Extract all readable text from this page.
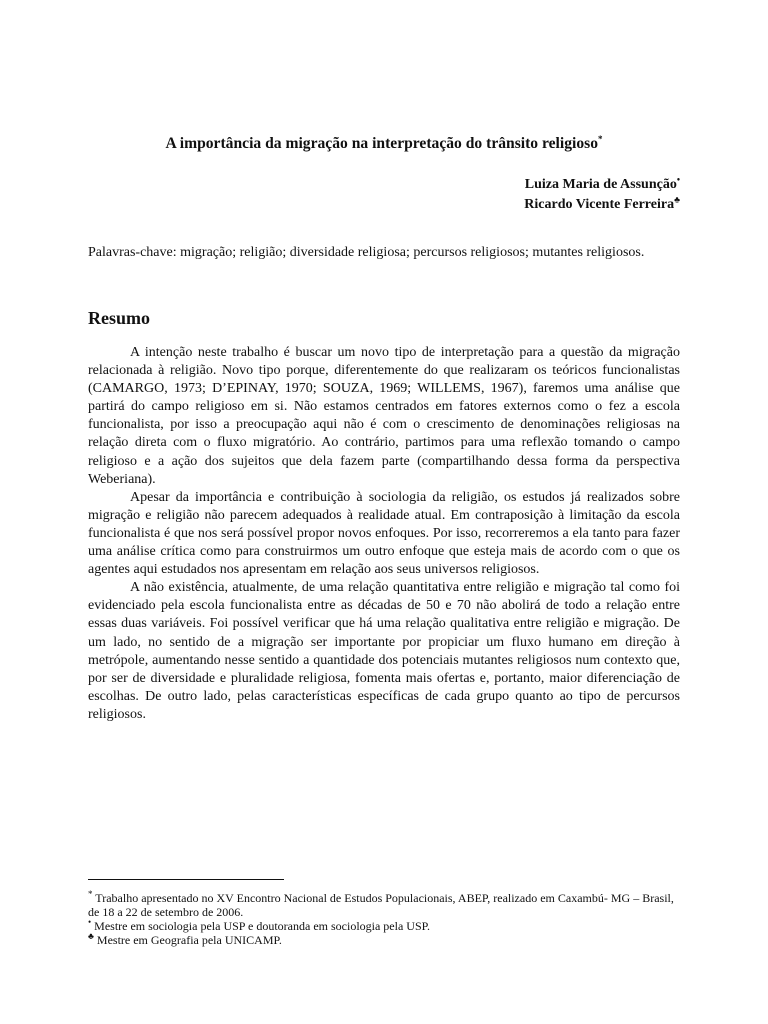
A importância da migração na interpretação do trânsito religioso*
Luiza Maria de Assunção•
Ricardo Vicente Ferreira♣
Palavras-chave: migração; religião; diversidade religiosa; percursos religiosos; mutantes religiosos.
Resumo

A intenção neste trabalho é buscar um novo tipo de interpretação para a questão da migração relacionada à religião. Novo tipo porque, diferentemente do que realizaram os teóricos funcionalistas (CAMARGO, 1973; D’EPINAY, 1970; SOUZA, 1969; WILLEMS, 1967), faremos uma análise que partirá do campo religioso em si. Não estamos centrados em fatores externos como o fez a escola funcionalista, por isso a preocupação aqui não é com o crescimento de denominações religiosas na relação direta com o fluxo migratório. Ao contrário, partimos para uma reflexão tomando o campo religioso e a ação dos sujeitos que dela fazem parte (compartilhando dessa forma da perspectiva Weberiana).

Apesar da importância e contribuição à sociologia da religião, os estudos já realizados sobre migração e religião não parecem adequados à realidade atual. Em contraposição à limitação da escola funcionalista é que nos será possível propor novos enfoques. Por isso, recorreremos a ela tanto para fazer uma análise crítica como para construirmos um outro enfoque que esteja mais de acordo com o que os agentes aqui estudados nos apresentam em relação aos seus universos religiosos.

A não existência, atualmente, de uma relação quantitativa entre religião e migração tal como foi evidenciado pela escola funcionalista entre as décadas de 50 e 70 não abolirá de todo a relação entre essas duas variáveis. Foi possível verificar que há uma relação qualitativa entre religião e migração. De um lado, no sentido de a migração ser importante por propiciar um fluxo humano em direção à metrópole, aumentando nesse sentido a quantidade dos potenciais mutantes religiosos num contexto que, por ser de diversidade e pluralidade religiosa, fomenta mais ofertas e, portanto, maior diferenciação de escolhas. De outro lado, pelas características específicas de cada grupo quanto ao tipo de percursos religiosos.

* Trabalho apresentado no XV Encontro Nacional de Estudos Populacionais, ABEP, realizado em Caxambú- MG – Brasil, de 18 a 22 de setembro de 2006.

• Mestre em sociologia pela USP e doutoranda em sociologia pela USP.

♣ Mestre em Geografia pela UNICAMP.
